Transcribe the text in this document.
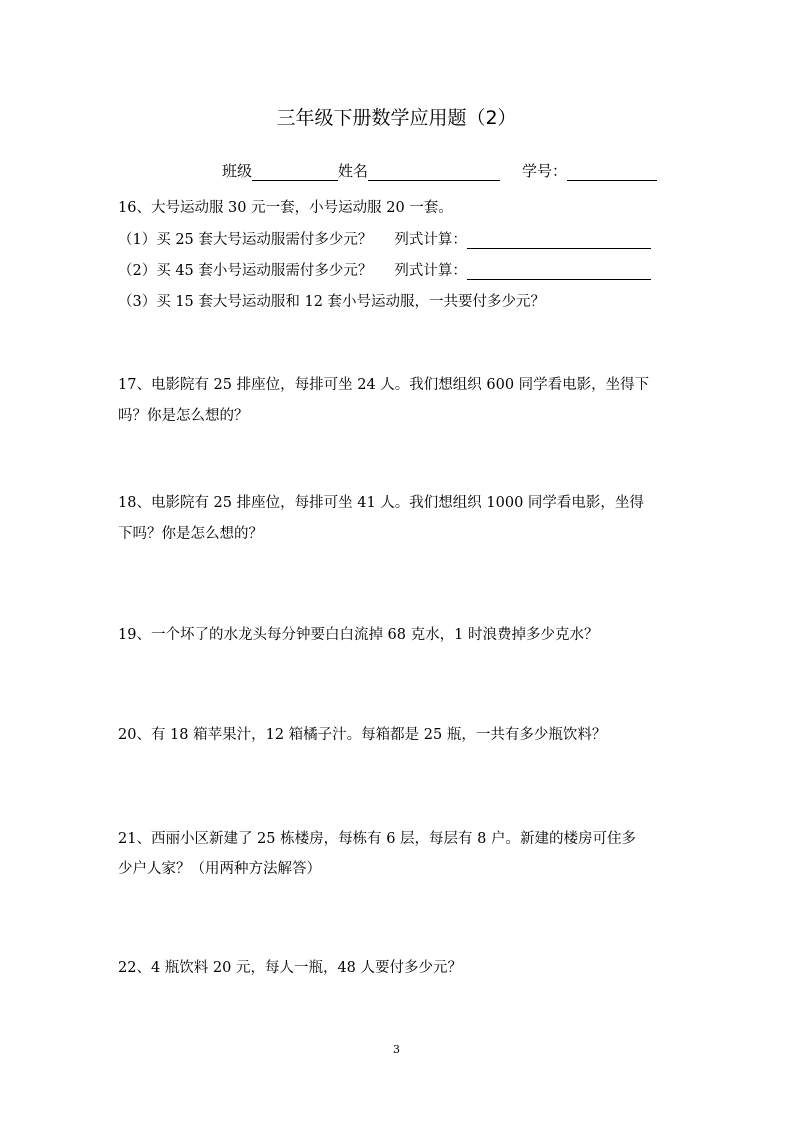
三年级下册数学应用题（2）
班级	姓名	学号：
16、大号运动服 30 元一套，小号运动服 20 一套。
（1）买 25 套大号运动服需付多少元？ 列式计算：
（2）买 45 套小号运动服需付多少元？ 列式计算：
（3）买 15 套大号运动服和 12 套小号运动服，一共要付多少元？
17、电影院有 25 排座位，每排可坐 24 人。我们想组织 600 同学看电影，坐得下
吗？你是怎么想的？
18、电影院有 25 排座位，每排可坐 41 人。我们想组织 1000 同学看电影，坐得
下吗？你是怎么想的？
19、一个坏了的水龙头每分钟要白白流掉 68 克水，1 时浪费掉多少克水？
20、有 18 箱苹果汁，12 箱橘子汁。每箱都是 25 瓶，一共有多少瓶饮料？
21、西丽小区新建了 25 栋楼房，每栋有 6 层，每层有 8 户。新建的楼房可住多
少户人家？（用两种方法解答）
22、4 瓶饮料 20 元，每人一瓶，48 人要付多少元？
3
